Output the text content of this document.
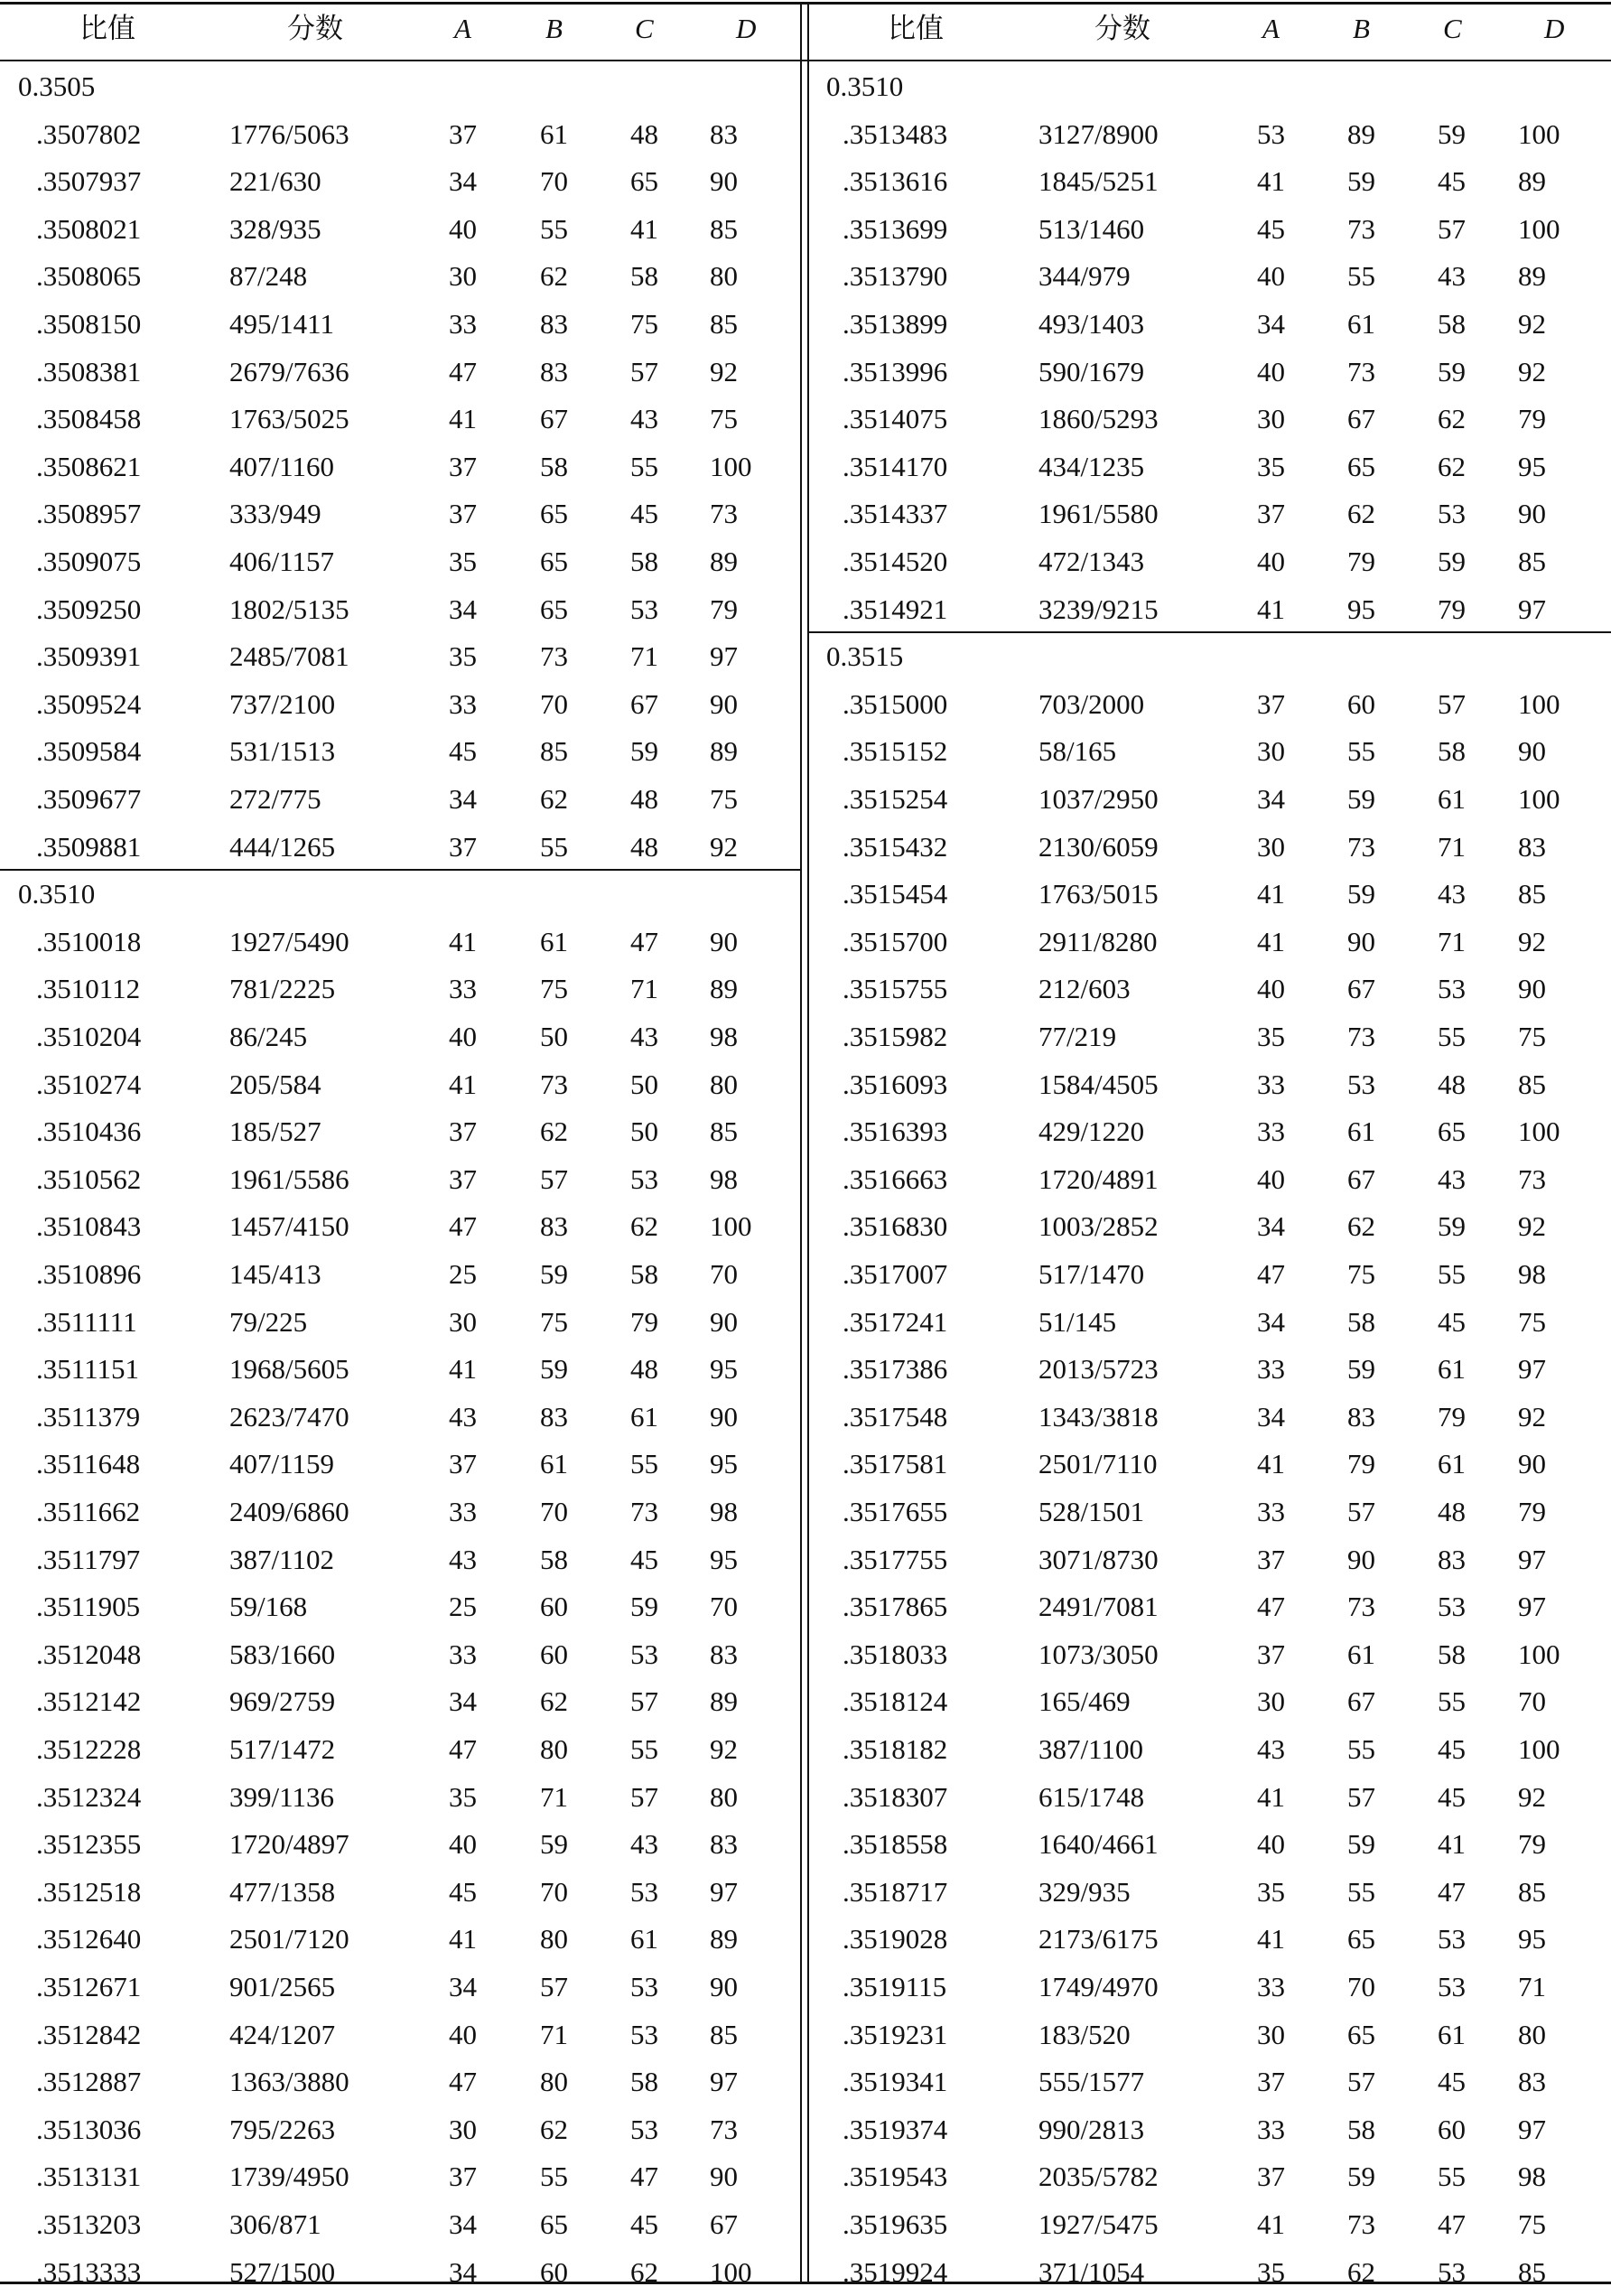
比值	分数	A	B	C	D	比值	分数	A	B	C	D
0.3505
.3507802	1776/5063	37 61 48 83
.3507937	221/630	34 70 65 90
.3508021	328/935	40 55 41 85
.3508065	87/248	30 62 58 80
.3508150	495/1411	33 83 75 85
.3508381	2679/7636	47 83 57 92
.3508458	1763/5025	41 67 43 75
.3508621	407/1160	37 58 55 100
.3508957	333/949	37 65 45 73
.3509075	406/1157	35 65 58 89
.3509250	1802/5135	34 65 53 79
.3509391	2485/7081	35 73 71 97
.3509524	737/2100	33 70 67 90
.3509584	531/1513	45 85 59 89
.3509677	272/775	34 62 48 75
.3509881	444/1265	37 55 48 92
0.3510
.3510018	1927/5490	41 61 47 90
.3510112	781/2225	33 75 71 89
.3510204	86/245	40 50 43 98
.3510274	205/584	41 73 50 80
.3510436	185/527	37 62 50 85
.3510562	1961/5586	37 57 53 98
.3510843	1457/4150	47 83 62 100
.3510896	145/413	25 59 58 70
.3511111	79/225	30 75 79 90
.3511151	1968/5605	41 59 48 95
.3511379	2623/7470	43 83 61 90
.3511648	407/1159	37 61 55 95
.3511662	2409/6860	33 70 73 98
.3511797	387/1102	43 58 45 95
.3511905	59/168	25 60 59 70
.3512048	583/1660	33 60 53 83
.3512142	969/2759	34 62 57 89
.3512228	517/1472	47 80 55 92
.3512324	399/1136	35 71 57 80
.3512355	1720/4897	40 59 43 83
.3512518	477/1358	45 70 53 97
.3512640	2501/7120	41 80 61 89
.3512671	901/2565	34 57 53 90
.3512842	424/1207	40 71 53 85
.3512887	1363/3880	47 80 58 97
.3513036	795/2263	30 62 53 73
.3513131	1739/4950	37 55 47 90
.3513203	306/871	34 65 45 67
.3513333	527/1500	34 60 62 100
0.3510
.3513483	3127/8900	53 89 59 100
.3513616	1845/5251	41 59 45 89
.3513699	513/1460	45 73 57 100
.3513790	344/979	40 55 43 89
.3513899	493/1403	34 61 58 92
.3513996	590/1679	40 73 59 92
.3514075	1860/5293	30 67 62 79
.3514170	434/1235	35 65 62 95
.3514337	1961/5580	37 62 53 90
.3514520	472/1343	40 79 59 85
.3514921	3239/9215	41 95 79 97
0.3515
.3515000	703/2000	37 60 57 100
.3515152	58/165	30 55 58 90
.3515254	1037/2950	34 59 61 100
.3515432	2130/6059	30 73 71 83
.3515454	1763/5015	41 59 43 85
.3515700	2911/8280	41 90 71 92
.3515755	212/603	40 67 53 90
.3515982	77/219	35 73 55 75
.3516093	1584/4505	33 53 48 85
.3516393	429/1220	33 61 65 100
.3516663	1720/4891	40 67 43 73
.3516830	1003/2852	34 62 59 92
.3517007	517/1470	47 75 55 98
.3517241	51/145	34 58 45 75
.3517386	2013/5723	33 59 61 97
.3517548	1343/3818	34 83 79 92
.3517581	2501/7110	41 79 61 90
.3517655	528/1501	33 57 48 79
.3517755	3071/8730	37 90 83 97
.3517865	2491/7081	47 73 53 97
.3518033	1073/3050	37 61 58 100
.3518124	165/469	30 67 55 70
.3518182	387/1100	43 55 45 100
.3518307	615/1748	41 57 45 92
.3518558	1640/4661	40 59 41 79
.3518717	329/935	35 55 47 85
.3519028	2173/6175	41 65 53 95
.3519115	1749/4970	33 70 53 71
.3519231	183/520	30 65 61 80
.3519341	555/1577	37 57 45 83
.3519374	990/2813	33 58 60 97
.3519543	2035/5782	37 59 55 98
.3519635	1927/5475	41 73 47 75
.3519924	371/1054	35 62 53 85
